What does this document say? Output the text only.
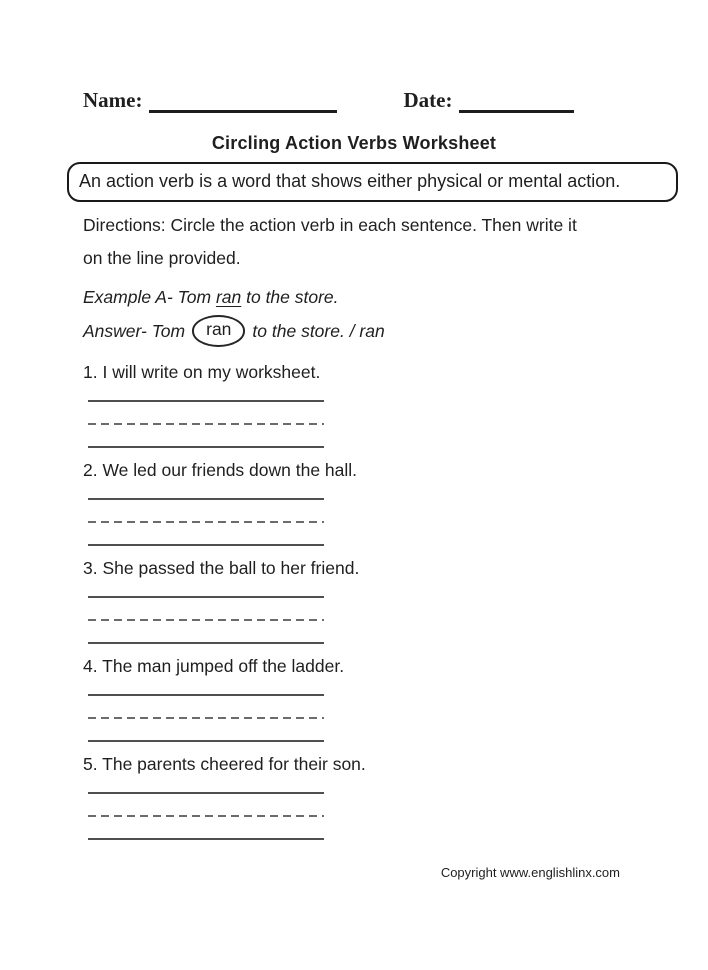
Name:	Date:
Circling Action Verbs Worksheet
An action verb is a word that shows either physical or mental action.
Directions: Circle the action verb in each sentence. Then write it
on the line provided.
Example A- Tom ran to the store.
Answer- Tom	ran	to the store. / ran
1. I will write on my worksheet.
2. We led our friends down the hall.
3. She passed the ball to her friend.
4. The man jumped off the ladder.
5. The parents cheered for their son.
Copyright www.englishlinx.com
